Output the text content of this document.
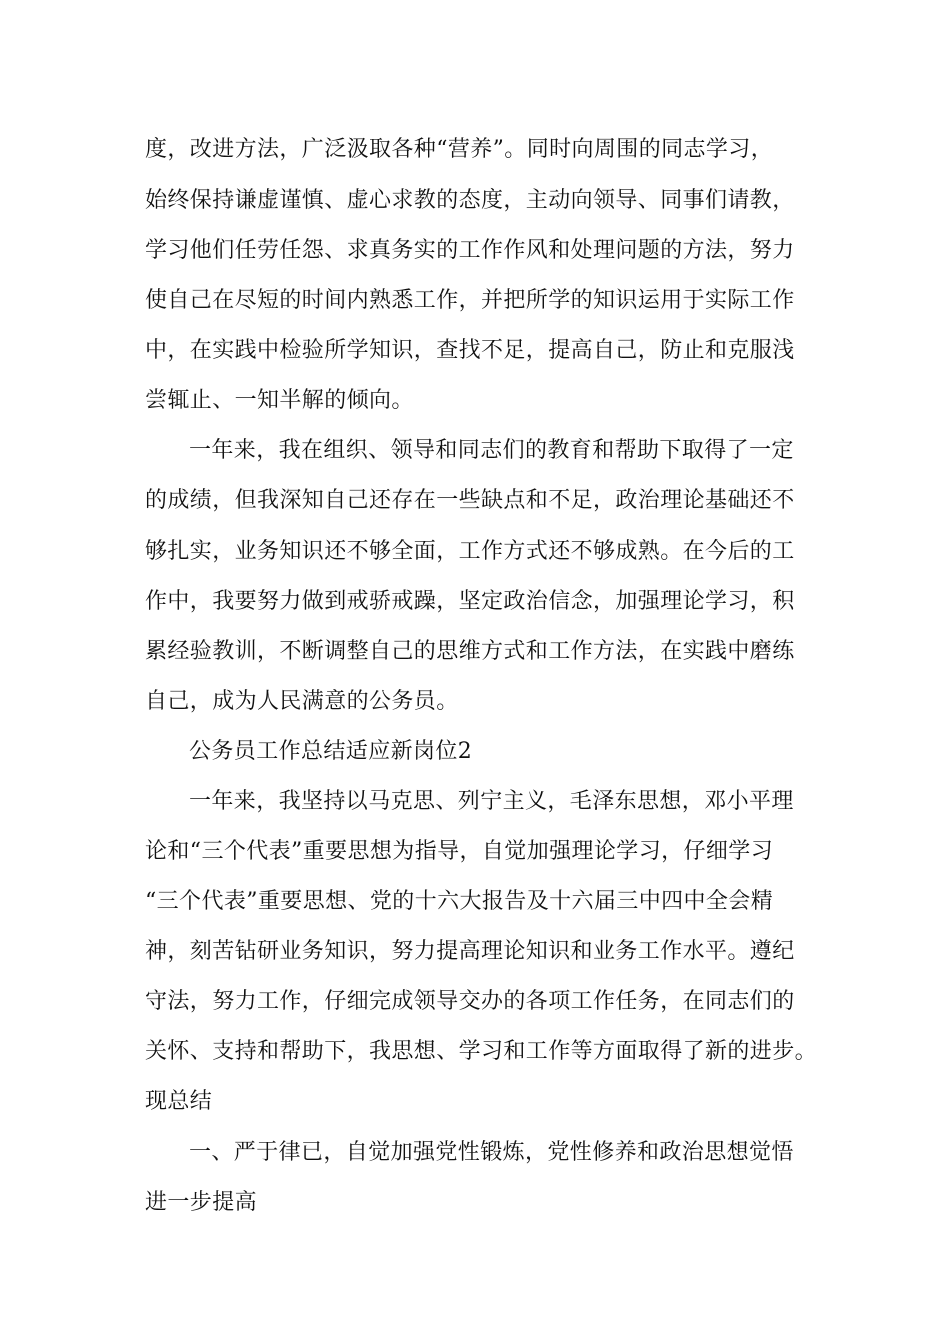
度，改进方法，广泛汲取各种“营养”。同时向周围的同志学习，

始终保持谦虚谨慎、虚心求教的态度，主动向领导、同事们请教，

学习他们任劳任怨、求真务实的工作作风和处理问题的方法，努力

使自己在尽短的时间内熟悉工作，并把所学的知识运用于实际工作

中，在实践中检验所学知识，查找不足，提高自己，防止和克服浅

尝辄止、一知半解的倾向。

一年来，我在组织、领导和同志们的教育和帮助下取得了一定

的成绩，但我深知自己还存在一些缺点和不足，政治理论基础还不

够扎实，业务知识还不够全面，工作方式还不够成熟。在今后的工

作中，我要努力做到戒骄戒躁，坚定政治信念，加强理论学习，积

累经验教训，不断调整自己的思维方式和工作方法，在实践中磨练

自己，成为人民满意的公务员。

公务员工作总结适应新岗位2

一年来，我坚持以马克思、列宁主义，毛泽东思想，邓小平理

论和“三个代表”重要思想为指导，自觉加强理论学习，仔细学习

“三个代表”重要思想、党的十六大报告及十六届三中四中全会精

神，刻苦钻研业务知识，努力提高理论知识和业务工作水平。遵纪

守法，努力工作，仔细完成领导交办的各项工作任务，在同志们的

关怀、支持和帮助下，我思想、学习和工作等方面取得了新的进步。

现总结

一、严于律已，自觉加强党性锻炼，党性修养和政治思想觉悟

进一步提高
